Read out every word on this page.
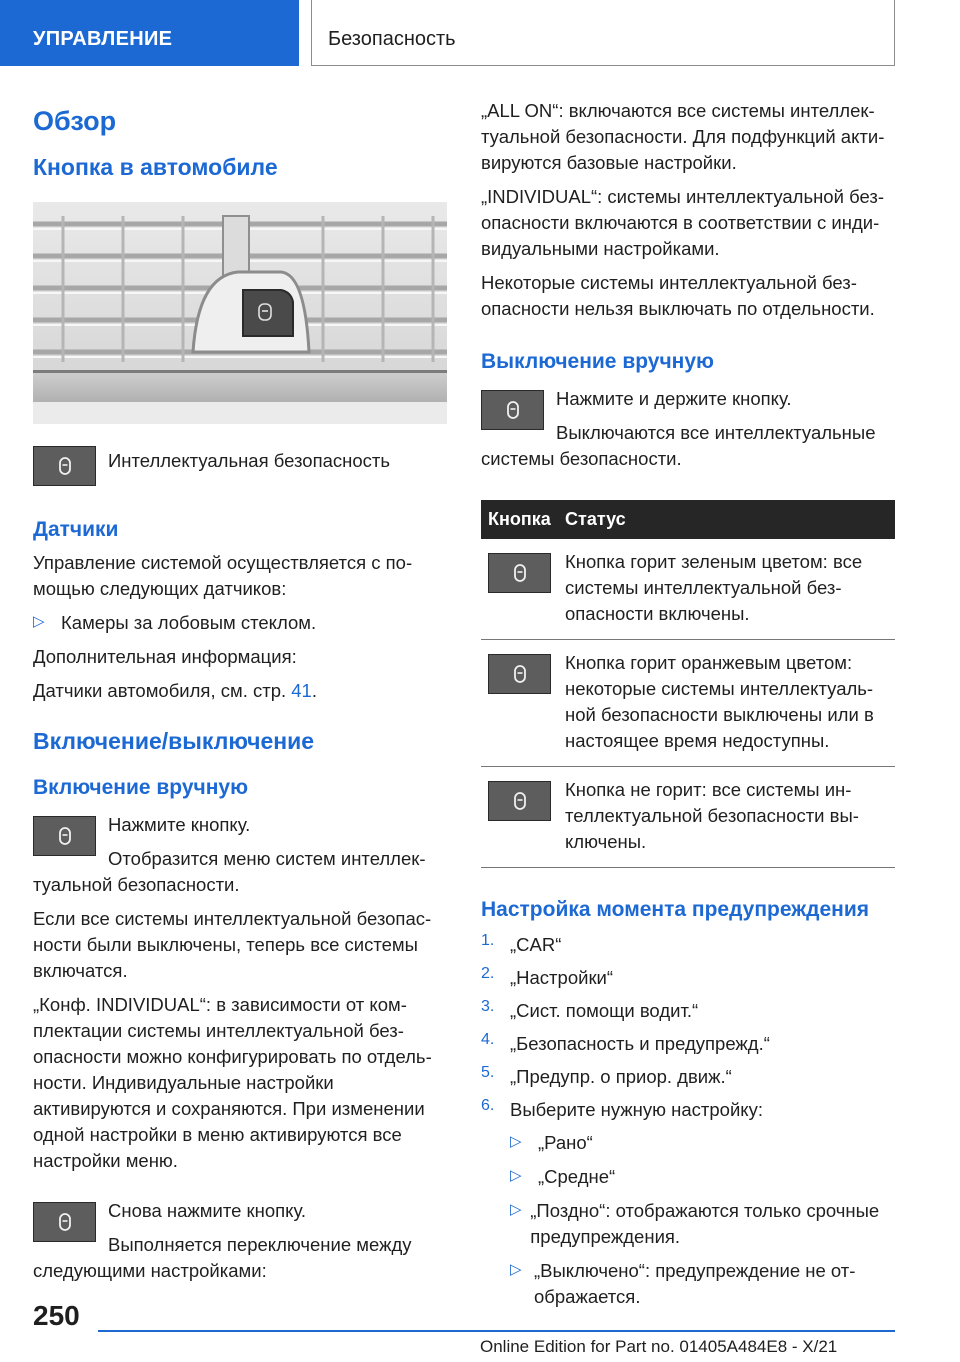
УПРАВЛЕНИЕ	Безопасность
Обзор
Кнопка в автомобиле

Интеллектуальная безопасность

Датчики

Управление системой осуществляется с помощью следующих датчиков:

▷ Камеры за лобовым стеклом.

Дополнительная информация:

Датчики автомобиля, см. стр. 41.

Включение/выключение
Включение вручную

Нажмите кнопку.

Отобразится меню систем интеллектуальной безопасности.

Если все системы интеллектуальной безопасности были выключены, теперь все системы включатся.

„Конф. INDIVIDUAL“: в зависимости от комплектации системы интеллектуальной безопасности можно конфигурировать по отдельности. Индивидуальные настройки активируются и сохраняются. При изменении одной настройки в меню активируются все настройки меню.

Снова нажмите кнопку.

Выполняется переключение между следующими настройками:

„ALL ON“: включаются все системы интеллектуальной безопасности. Для подфункций активируются базовые настройки.

„INDIVIDUAL“: системы интеллектуальной безопасности включаются в соответствии с индивидуальными настройками.

Некоторые системы интеллектуальной безопасности нельзя выключать по отдельности.

Выключение вручную

Нажмите и держите кнопку.

Выключаются все интеллектуальные системы безопасности.

Кнопка	Статус

	Кнопка горит зеленым цветом: все системы интеллектуальной безопасности включены.

	Кнопка горит оранжевым цветом: некоторые системы интеллектуальной безопасности выключены или в настоящее время недоступны.

	Кнопка не горит: все системы интеллектуальной безопасности выключены.
Настройка момента предупреждения
1. „CAR“
2. „Настройки“
3. „Сист. помощи водит.“
4. „Безопасность и предупрежд.“
5. „Предупр. о приор. движ.“
6. Выберите нужную настройку:
▷ „Рано“

▷ „Средне“

▷ „Поздно“: отображаются только срочные предупреждения.

▷ „Выключено“: предупреждение не отображается.

250
Online Edition for Part no. 01405A484E8 - X/21
